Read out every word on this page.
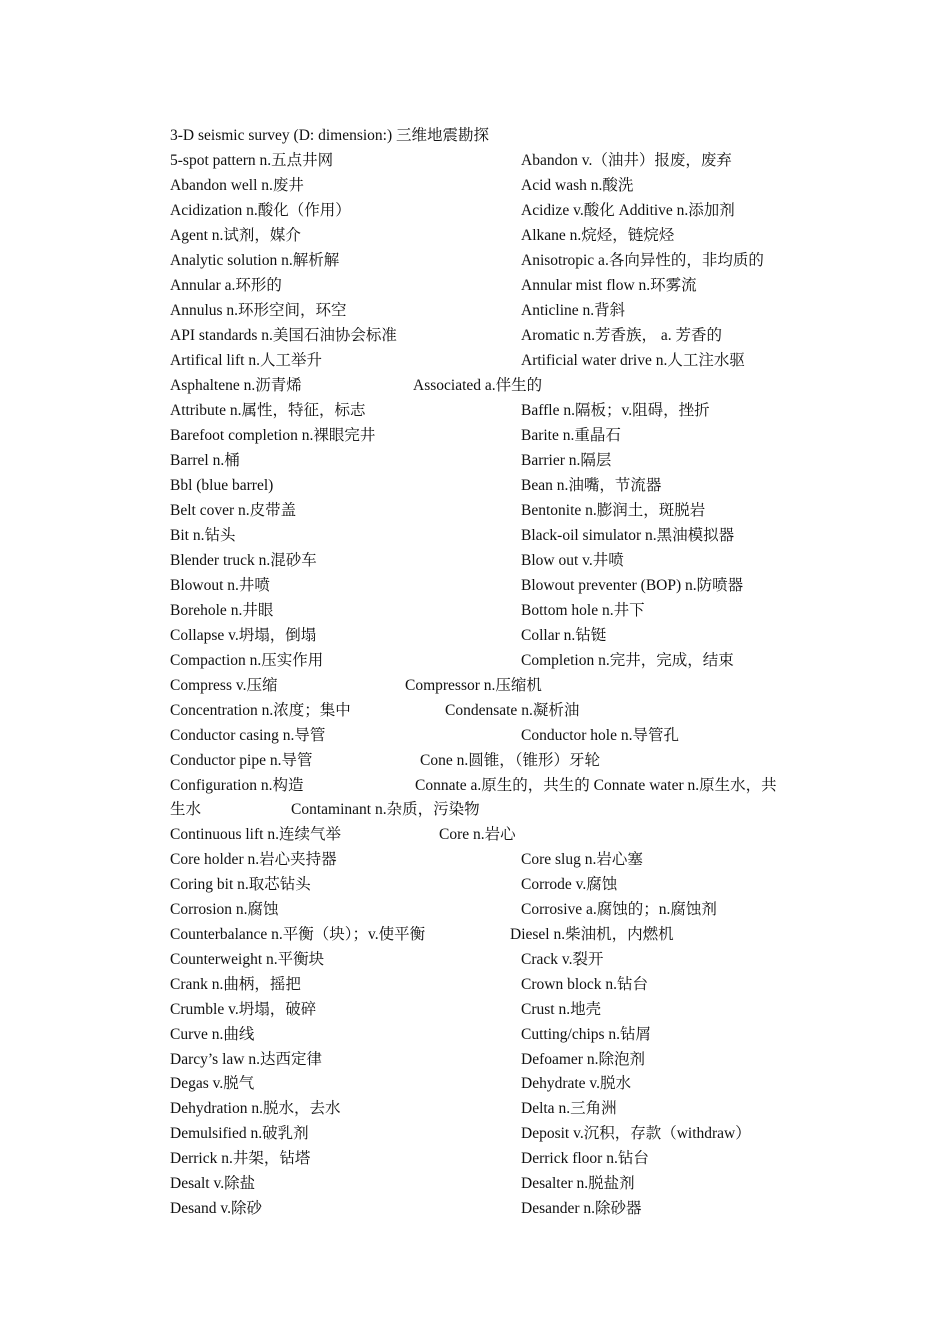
3-D seismic survey (D: dimension:) 三维地震勘探
5-spot pattern n.五点井网	Abandon v.（油井）报废，废弃
Abandon well n.废井	Acid wash n.酸洗
Acidization n.酸化（作用）	Acidize v.酸化 Additive n.添加剂
Agent n.试剂，媒介	Alkane n.烷烃，链烷烃
Analytic solution n.解析解	Anisotropic a.各向异性的，非均质的
Annular a.环形的	Annular mist flow n.环雾流
Annulus n.环形空间，环空	Anticline n.背斜
API standards n.美国石油协会标准	Aromatic n.芳香族， a. 芳香的
Artifical lift n.人工举升	Artificial water drive n.人工注水驱
Asphaltene n.沥青烯	Associated a.伴生的
Attribute n.属性，特征，标志	Baffle n.隔板；v.阻碍，挫折
Barefoot completion n.裸眼完井	Barite n.重晶石
Barrel n.桶	Barrier n.隔层
Bbl (blue barrel)	Bean n.油嘴，节流器
Belt cover n.皮带盖	Bentonite n.膨润土，斑脱岩
Bit n.钻头	Black-oil simulator n.黑油模拟器
Blender truck n.混砂车	Blow out v.井喷
Blowout n.井喷	Blowout preventer (BOP) n.防喷器
Borehole n.井眼	Bottom hole n.井下
Collapse v.坍塌，倒塌	Collar n.钻铤
Compaction n.压实作用	Completion n.完井，完成，结束
Compress v.压缩	Compressor n.压缩机
Concentration n.浓度；集中	Condensate n.凝析油
Conductor casing n.导管	Conductor hole n.导管孔
Conductor pipe n.导管	Cone n.圆锥，（锥形）牙轮
Configuration n.构造	Connate a.原生的，共生的 Connate water n.原生水，共
生水	Contaminant n.杂质，污染物
Continuous lift n.连续气举	Core n.岩心
Core holder n.岩心夹持器	Core slug n.岩心塞
Coring bit n.取芯钻头	Corrode v.腐蚀
Corrosion n.腐蚀	Corrosive a.腐蚀的；n.腐蚀剂
Counterbalance n.平衡（块）；v.使平衡	Diesel n.柴油机，内燃机
Counterweight n.平衡块	Crack v.裂开
Crank n.曲柄，摇把	Crown block n.钻台
Crumble v.坍塌，破碎	Crust n.地壳
Curve n.曲线	Cutting/chips n.钻屑
Darcy’s law n.达西定律	Defoamer n.除泡剂
Degas v.脱气	Dehydrate v.脱水
Dehydration n.脱水，去水	Delta n.三角洲
Demulsified n.破乳剂	Deposit v.沉积，存款（withdraw）
Derrick n.井架，钻塔	Derrick floor n.钻台
Desalt v.除盐	Desalter n.脱盐剂
Desand v.除砂	Desander n.除砂器
